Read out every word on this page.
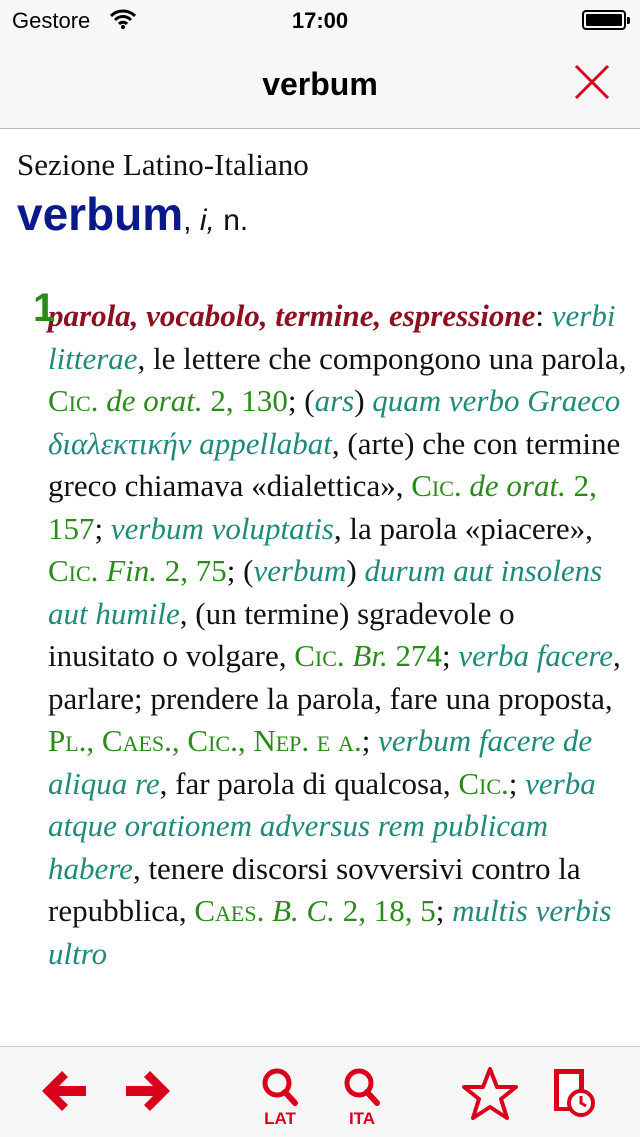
Gestore	17:00
verbum
Sezione Latino-Italiano
verbum, i, n.
1
parola, vocabolo, termine, espressione: verbi litterae, le lettere che compongono una parola, Cic. de orat. 2, 130; (ars) quam verbo Graeco διαλεκτικήν appellabat, (arte) che con termine greco chiamava «dialettica», Cic. de orat. 2, 157; verbum voluptatis, la parola «piacere», Cic. Fin. 2, 75; (verbum) durum aut insolens aut humile, (un termine) sgradevole o inusitato o volgare, Cic. Br. 274; verba facere, parlare; prendere la parola, fare una proposta, Pl., Caes., Cic., Nep. e a.; verbum facere de aliqua re, far parola di qualcosa, Cic.; verba atque orationem adversus rem publicam habere, tenere discorsi sovversivi contro la repubblica, Caes. B. C. 2, 18, 5; multis verbis ultro
LAT	ITA
